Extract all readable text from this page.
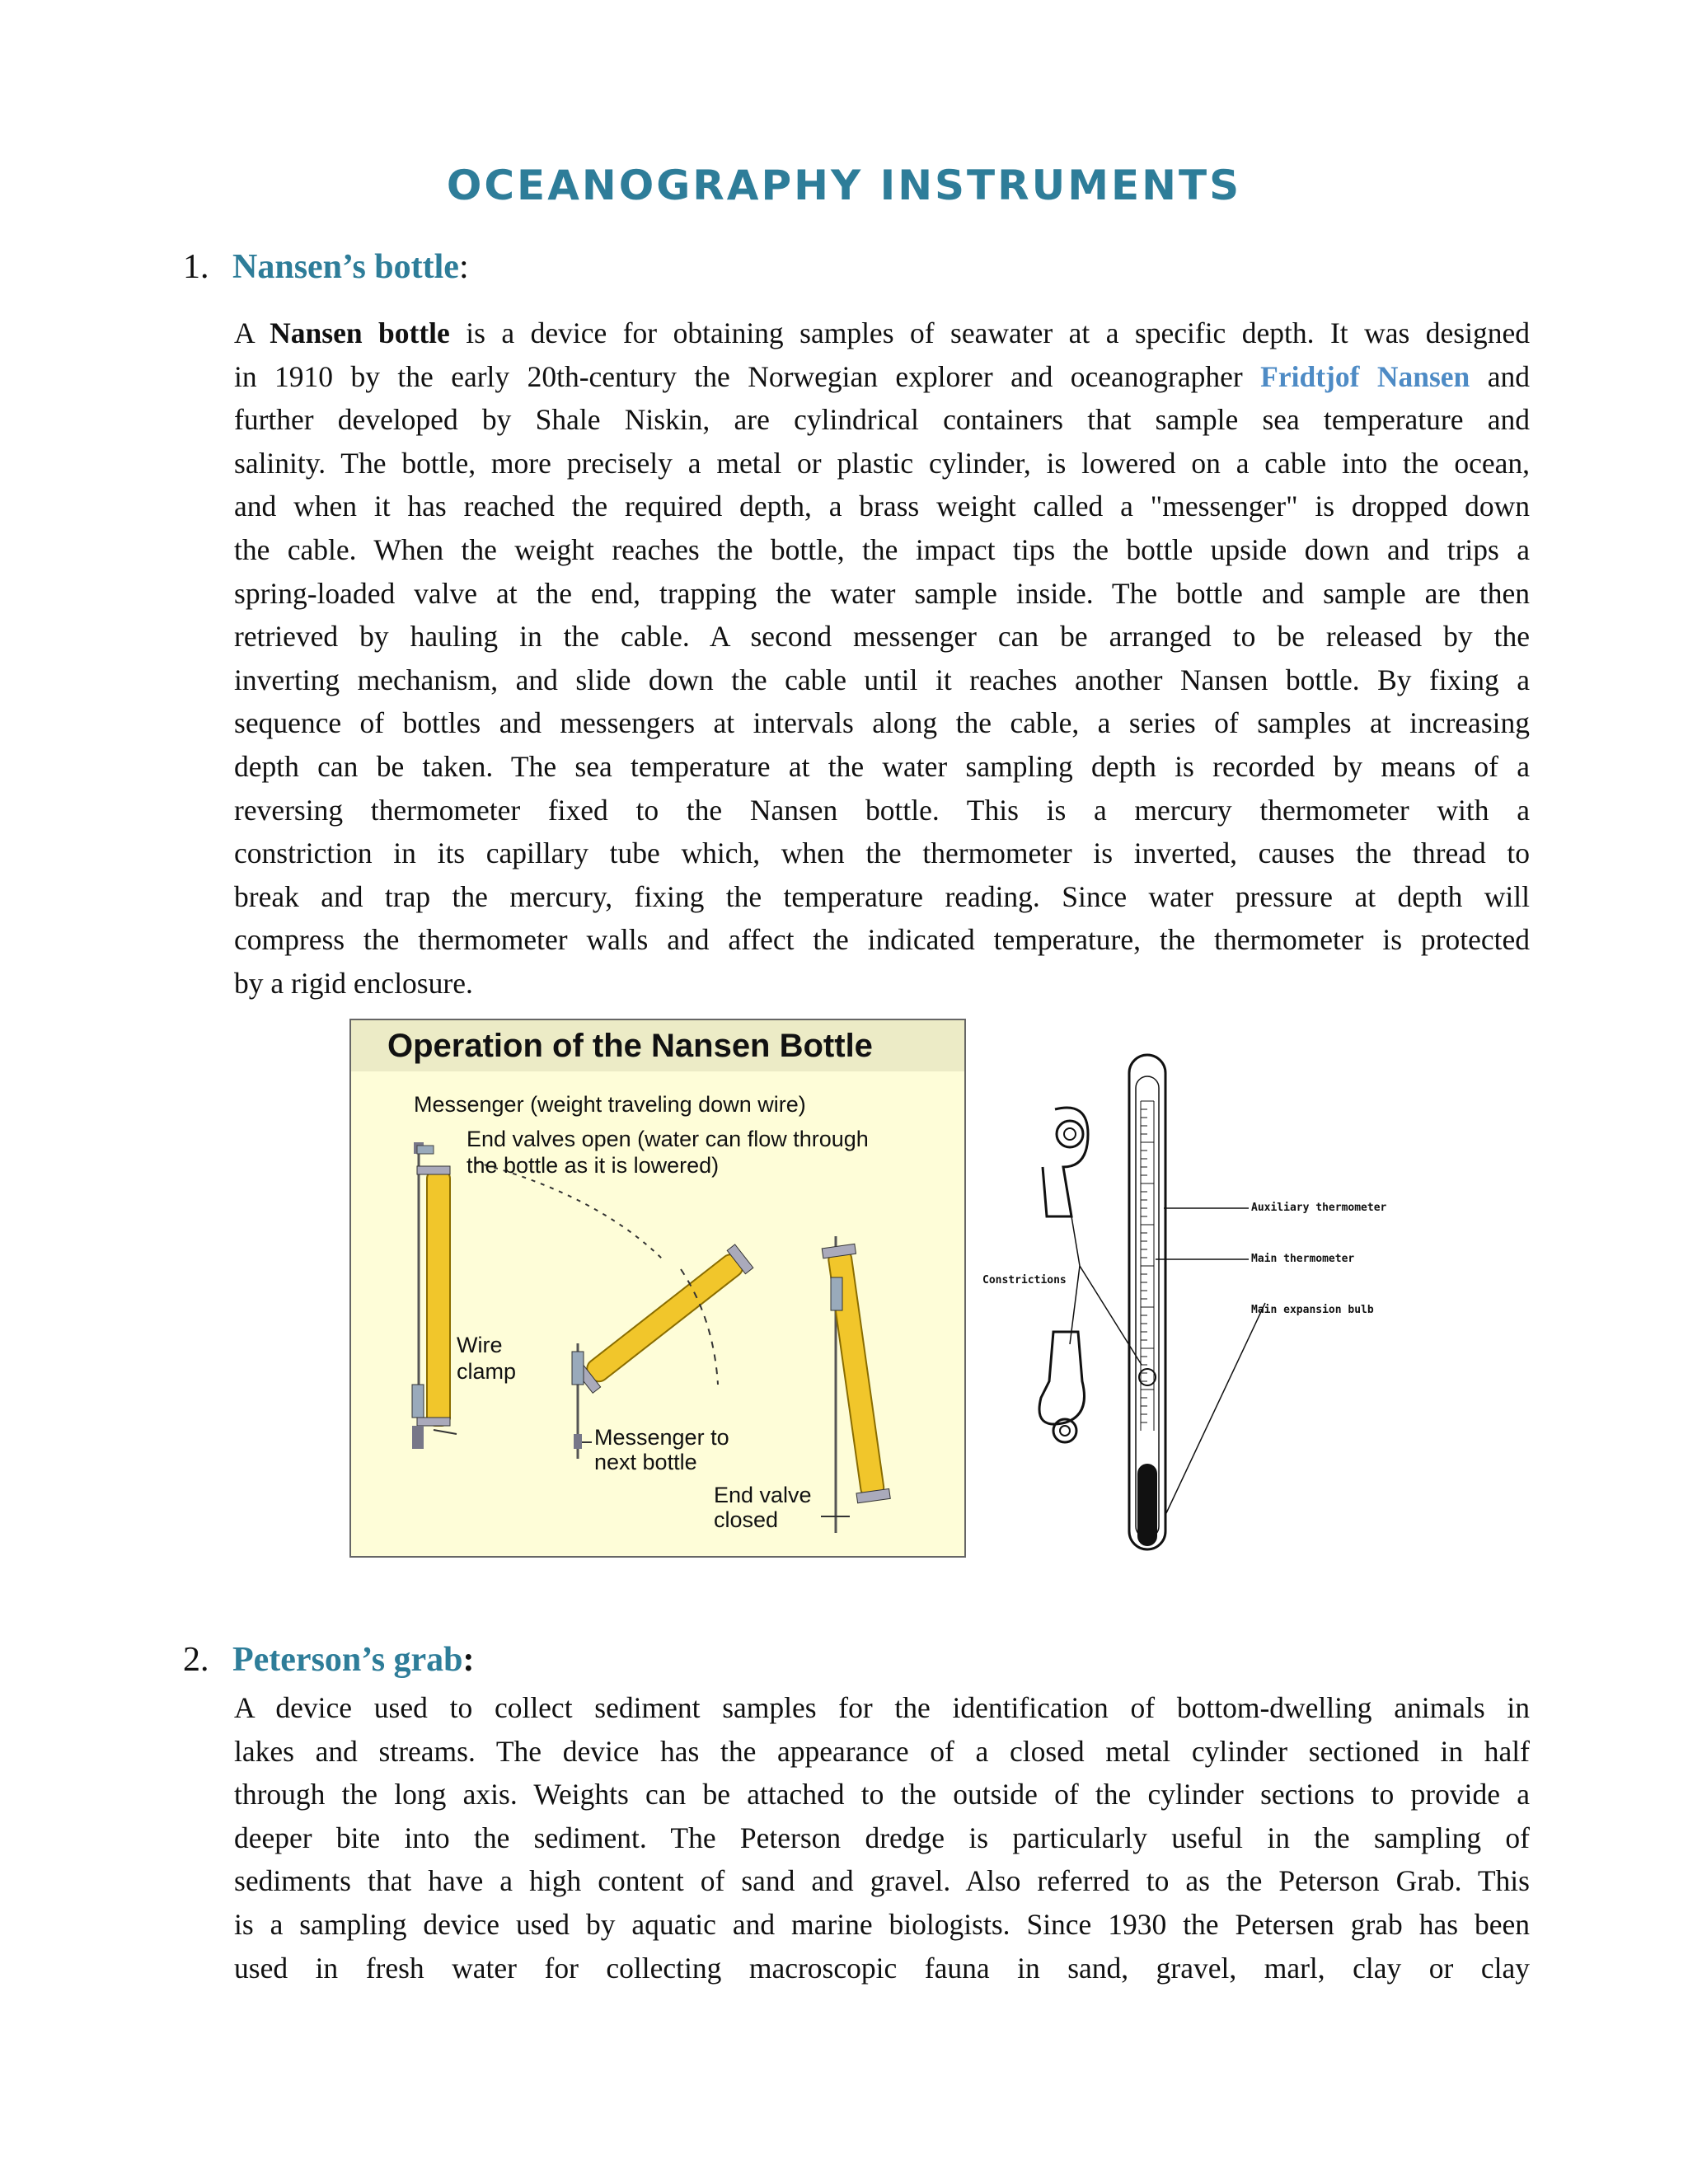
OCEANOGRAPHY INSTRUMENTS
1. Nansen’s bottle:
A Nansen bottle is a device for obtaining samples of seawater at a specific depth. It was designed
in 1910 by the early 20th-century the Norwegian explorer and oceanographer Fridtjof Nansen and
further developed by Shale Niskin, are cylindrical containers that sample sea temperature and
salinity. The bottle, more precisely a metal or plastic cylinder, is lowered on a cable into the ocean,
and when it has reached the required depth, a brass weight called a "messenger" is dropped down
the cable. When the weight reaches the bottle, the impact tips the bottle upside down and trips a
spring-loaded valve at the end, trapping the water sample inside. The bottle and sample are then
retrieved by hauling in the cable. A second messenger can be arranged to be released by the
inverting mechanism, and slide down the cable until it reaches another Nansen bottle. By fixing a
sequence of bottles and messengers at intervals along the cable, a series of samples at increasing
depth can be taken. The sea temperature at the water sampling depth is recorded by means of a
reversing thermometer fixed to the Nansen bottle. This is a mercury thermometer with a
constriction in its capillary tube which, when the thermometer is inverted, causes the thread to
break and trap the mercury, fixing the temperature reading. Since water pressure at depth will
compress the thermometer walls and affect the indicated temperature, the thermometer is protected
by a rigid enclosure.
Operation of the Nansen Bottle
Messenger (weight traveling down wire)
End valves open (water can flow through
the bottle as it is lowered)
Wire
clamp
Messenger to
next bottle
End valve
closed
Auxiliary thermometer
Main thermometer
Main expansion bulb
Constrictions
2. Peterson’s grab:
A device used to collect sediment samples for the identification of bottom-dwelling animals in
lakes and streams. The device has the appearance of a closed metal cylinder sectioned in half
through the long axis. Weights can be attached to the outside of the cylinder sections to provide a
deeper bite into the sediment. The Peterson dredge is particularly useful in the sampling of
sediments that have a high content of sand and gravel. Also referred to as the Peterson Grab. This
is a sampling device used by aquatic and marine biologists. Since 1930 the Petersen grab has been
used in fresh water for collecting macroscopic fauna in sand, gravel, marl, clay or clay
